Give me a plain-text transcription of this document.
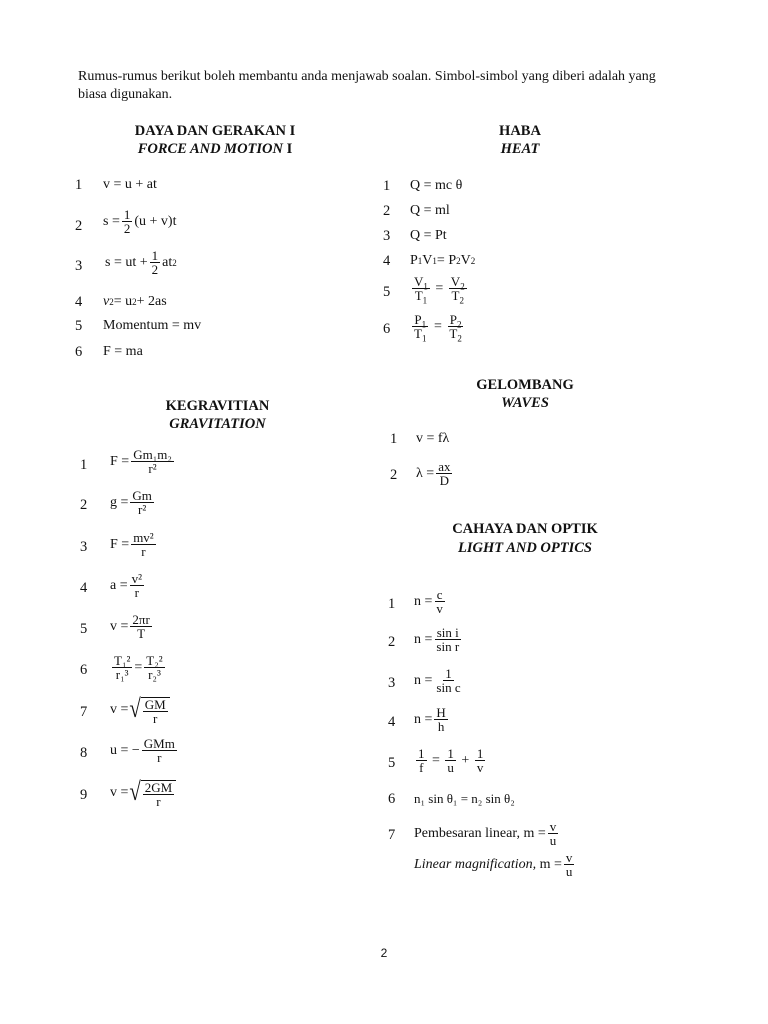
Rumus-rumus berikut boleh membantu anda menjawab soalan. Simbol-simbol yang diberi adalah yang biasa digunakan.
DAYA DAN GERAKAN I
FORCE AND MOTION I
1 v = u + at
2 $s = \frac{1}{2} (u + v)t$
3 s = ut + $\frac{1}{2}$ at 2
4 v 2 = u 2 + 2as
5 Momentum = mv
6 F = ma
HABA
HEAT
1 Q = mc θ
2 Q = ml
3 Q = Pt
4 P 1 V 1 = P 2 V 2
$5 \frac{V_1}{T_1} = \frac{V_2}{T_2}$
$6 \frac{P_1}{T_1} = \frac{P_2}{T_2}$
GELOMBANG
WAVES
1 v = fλ
2 $\lambda = \frac{ax}{D}$
KEGRAVITIAN
GRAVITATION
1 $F = \frac{\text{Gm₁m₂}}{\text{r²}}$
2 $g = \frac{Gm}{\text{r²}}$
3 $F = \frac{\text{mv²}}{r}$
4 $a = \frac{\text{v²}}{r}$
5 $v = \frac{2\pi r}{T}$
$6 \frac{\text{T₁²}}{\text{r₁³}} = \frac{\text{T₂²}}{\text{r₂³}}$
7 v = √ $\frac{GM}{r}$
8 u = − $\frac{\text{GMm}}{r}$
9 v = √ $\frac{2GM}{r}$
CAHAYA DAN OPTIK
LIGHT AND OPTICS
1 $n = \frac{c}{v}$
2 $n = \frac{\text{sin i}}{\text{sin r}}$
3 $n = \frac{1}{\text{sin c}}$
4 $n = \frac{H}{h}$
$5 \frac{1}{f} = \frac{1}{u} + \frac{1}{v}$
6 n₁ sin θ₁ = n₂ sin θ₂
7 Pembesaran linear,
$m = \frac{v}{u}$
Linear magnification,
$m = \frac{v}{u}$
2
